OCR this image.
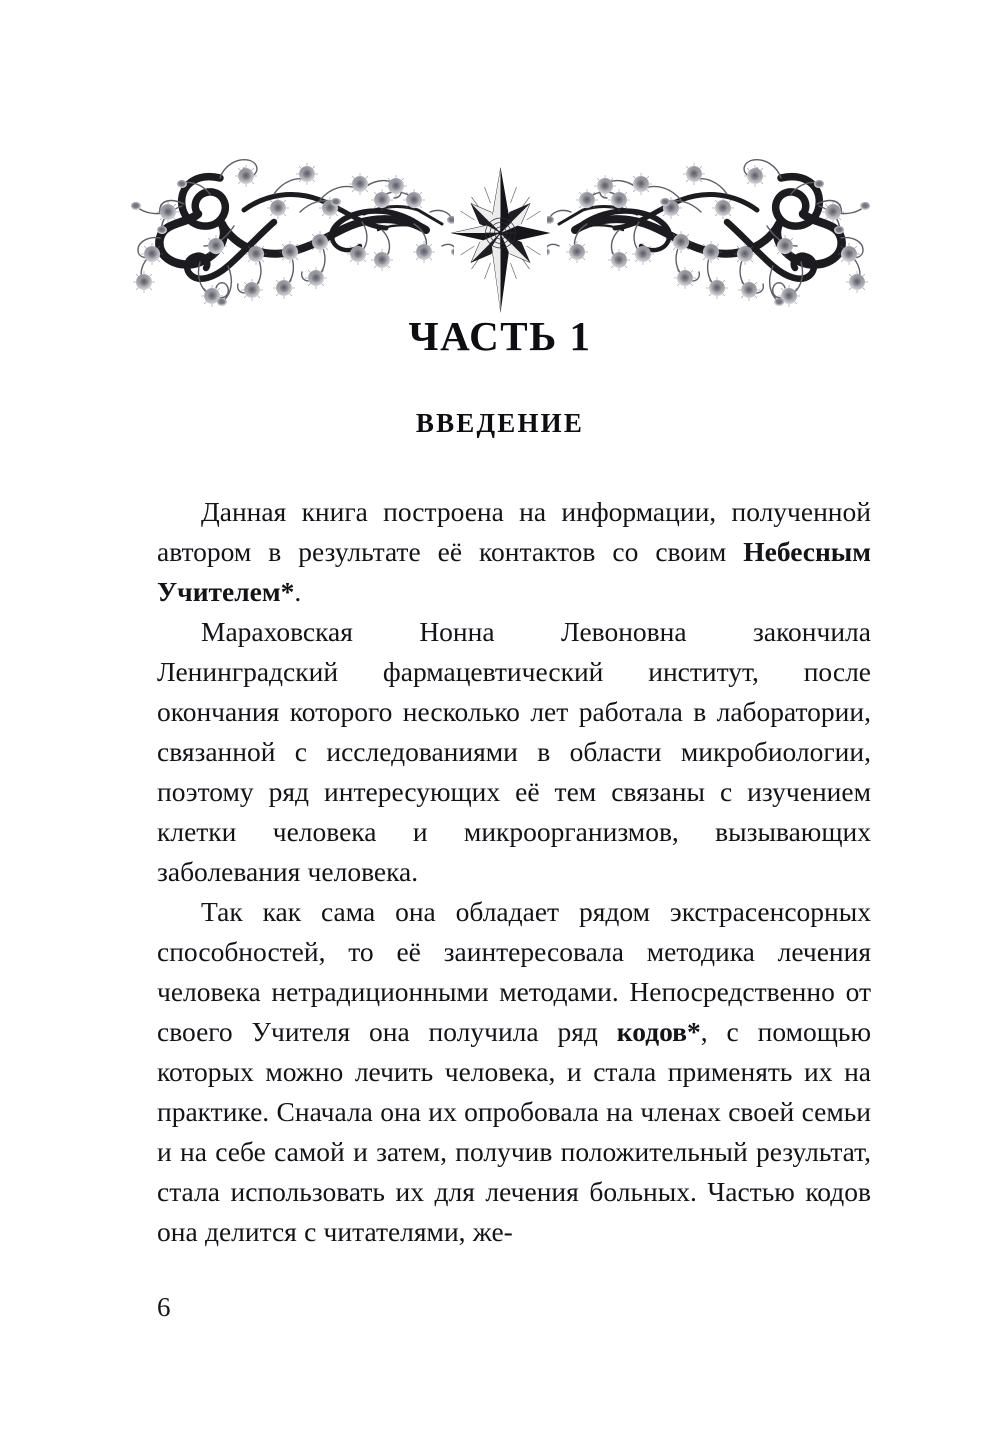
ЧАСТЬ 1
ВВЕДЕНИЕ

Данная книга построена на информации, полученной автором в результате её контактов со своим Небесным Учителем*.

Мараховская Нонна Левоновна закончила Ленинградский фармацевтический институт, после окончания которого несколько лет работала в лаборатории, связанной с исследованиями в области микробиологии, поэтому ряд интересующих её тем связаны с изучением клетки человека и микроорганизмов, вызывающих заболевания человека.

Так как сама она обладает рядом экстрасенсорных способностей, то её заинтересовала методика лечения человека нетрадиционными методами. Непосредственно от своего Учителя она получила ряд кодов*, с помощью которых можно лечить человека, и стала применять их на практике. Сначала она их опробовала на членах своей семьи и на себе самой и затем, получив положительный результат, стала использовать их для лечения больных. Частью кодов она делится с читателями, же-

6
